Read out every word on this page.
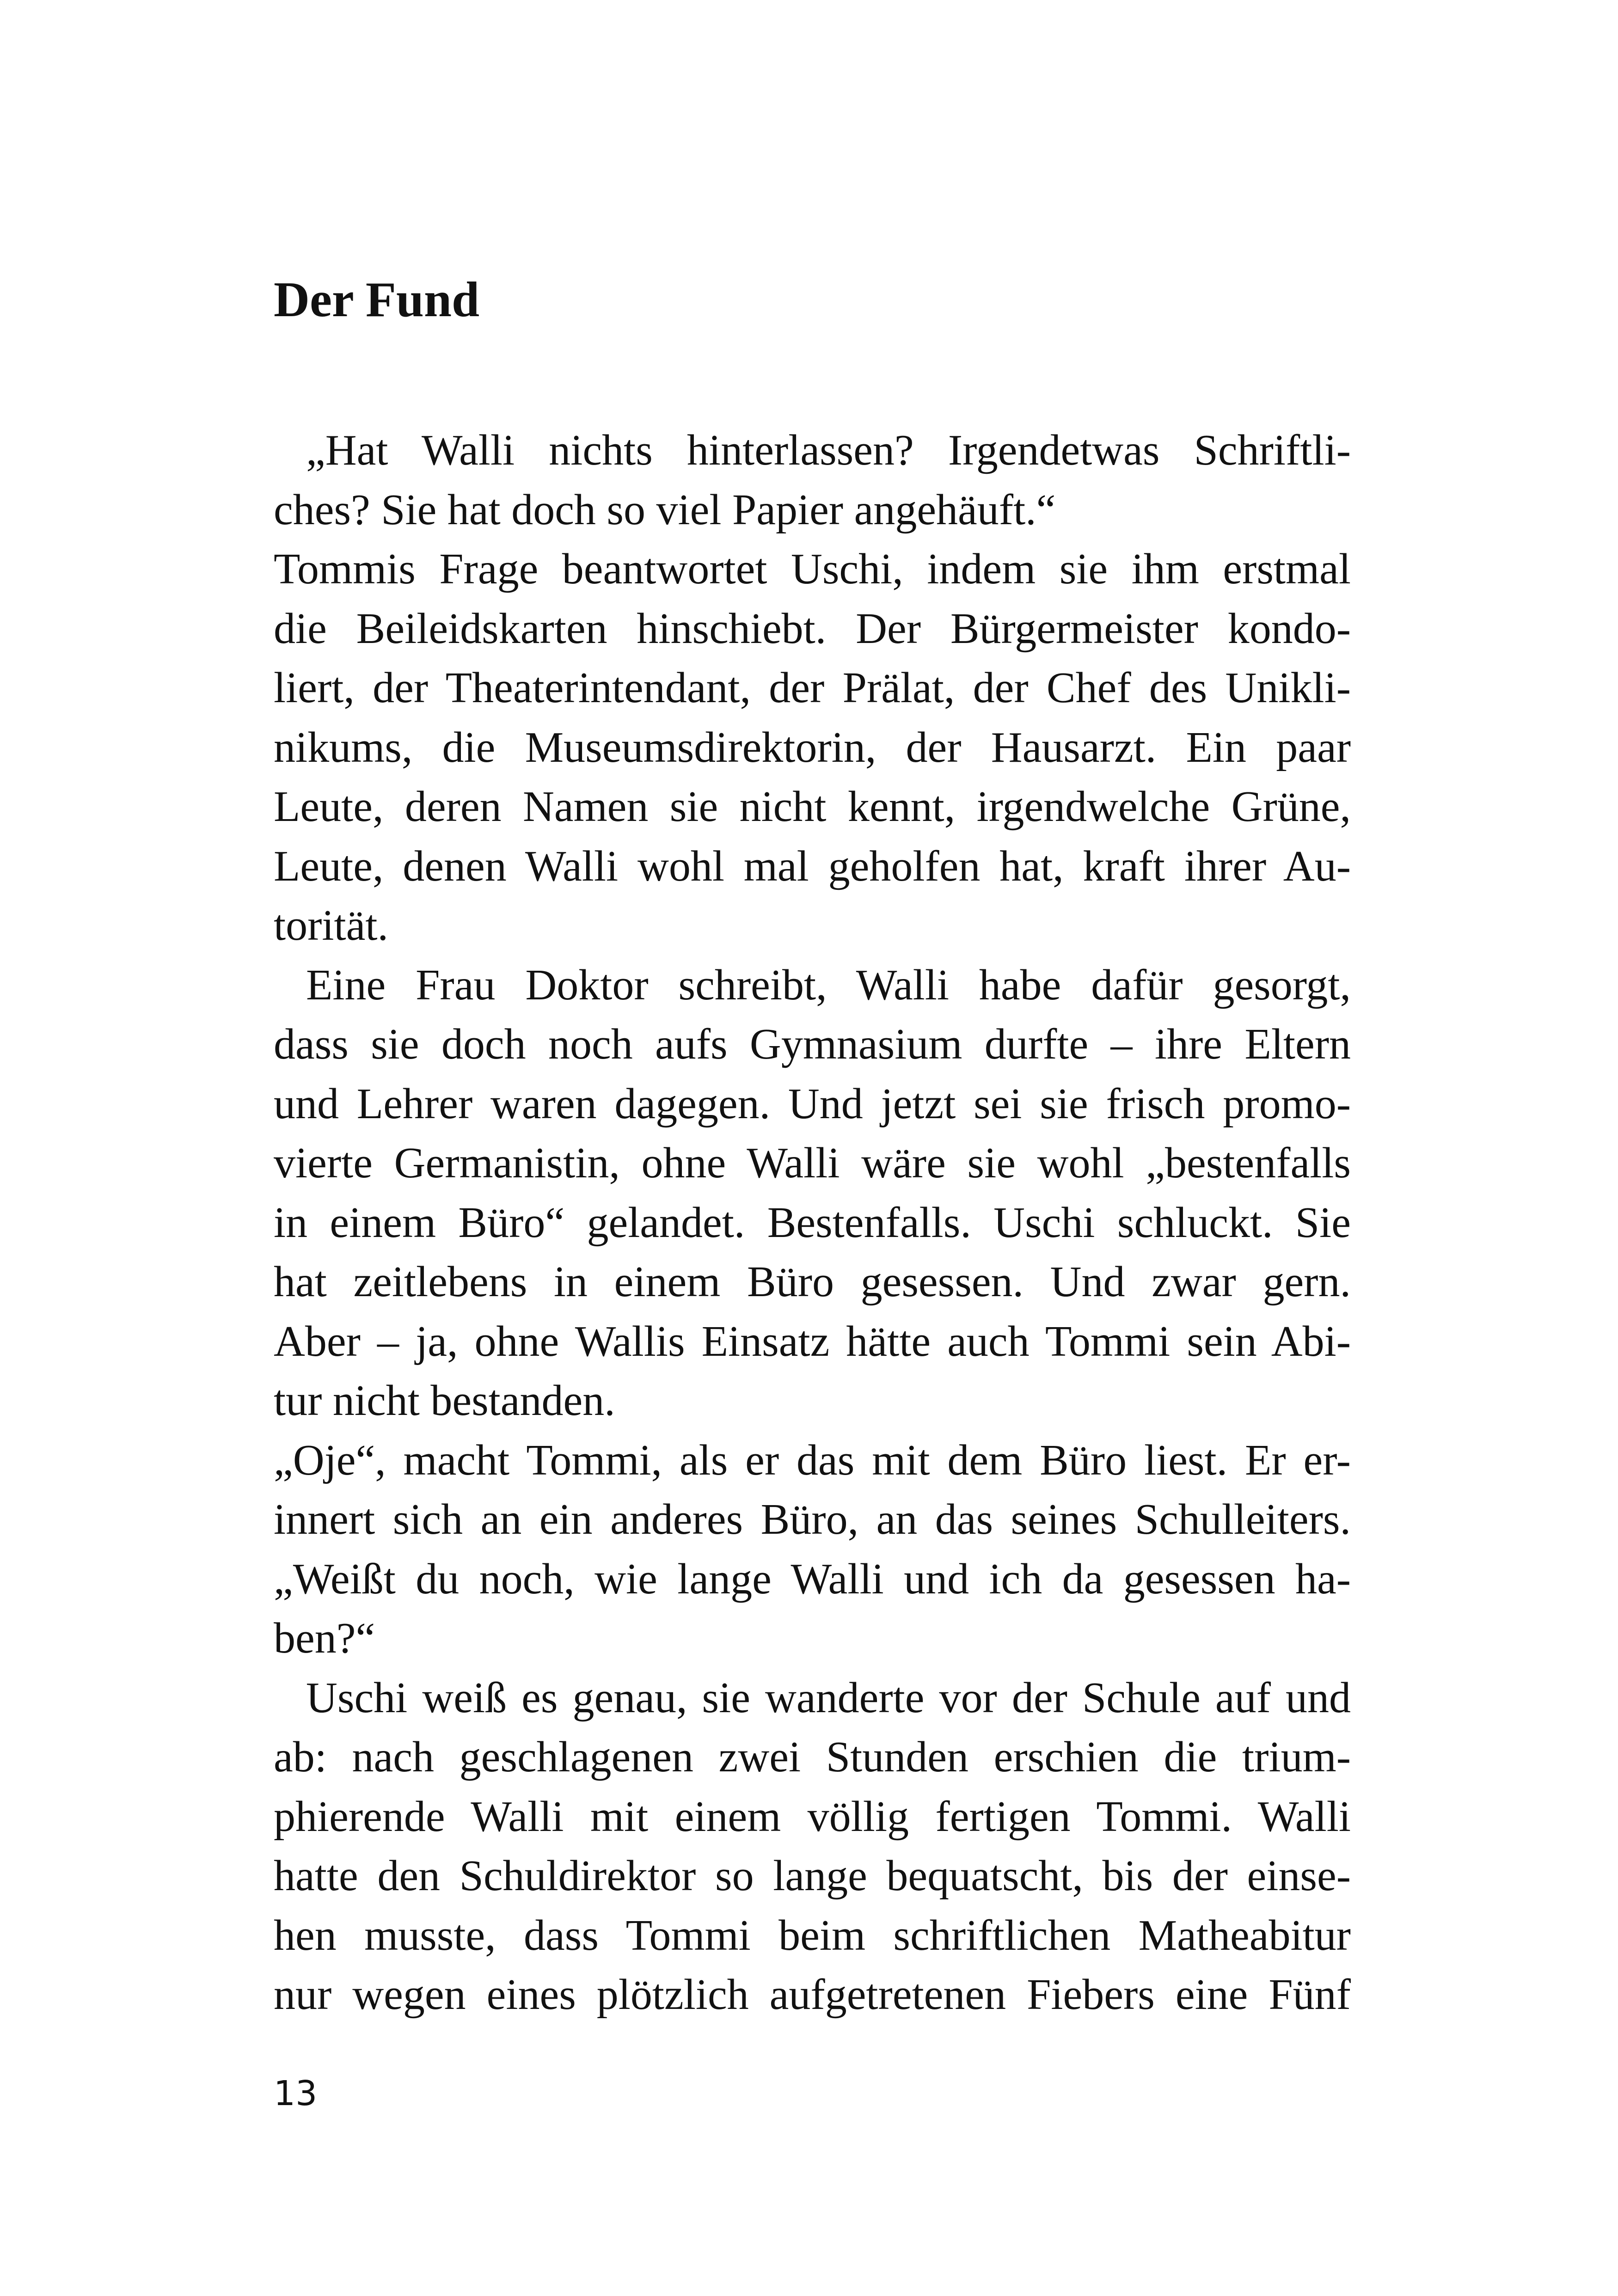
Der Fund
„Hat Walli nichts hinterlassen? Irgendetwas Schriftli-
ches? Sie hat doch so viel Papier angehäuft.“
Tommis Frage beantwortet Uschi, indem sie ihm erstmal
die Beileidskarten hinschiebt. Der Bürgermeister kondo-
liert, der Theaterintendant, der Prälat, der Chef des Unikli-
nikums, die Museumsdirektorin, der Hausarzt. Ein paar
Leute, deren Namen sie nicht kennt, irgendwelche Grüne,
Leute, denen Walli wohl mal geholfen hat, kraft ihrer Au-
torität.
Eine Frau Doktor schreibt, Walli habe dafür gesorgt,
dass sie doch noch aufs Gymnasium durfte – ihre Eltern
und Lehrer waren dagegen. Und jetzt sei sie frisch promo-
vierte Germanistin, ohne Walli wäre sie wohl „bestenfalls
in einem Büro“ gelandet. Bestenfalls. Uschi schluckt. Sie
hat zeitlebens in einem Büro gesessen. Und zwar gern.
Aber – ja, ohne Wallis Einsatz hätte auch Tommi sein Abi-
tur nicht bestanden.
„Oje“, macht Tommi, als er das mit dem Büro liest. Er er-
innert sich an ein anderes Büro, an das seines Schulleiters.
„Weißt du noch, wie lange Walli und ich da gesessen ha-
ben?“
Uschi weiß es genau, sie wanderte vor der Schule auf und
ab: nach geschlagenen zwei Stunden erschien die trium-
phierende Walli mit einem völlig fertigen Tommi. Walli
hatte den Schuldirektor so lange bequatscht, bis der einse-
hen musste, dass Tommi beim schriftlichen Matheabitur
nur wegen eines plötzlich aufgetretenen Fiebers eine Fünf
13
